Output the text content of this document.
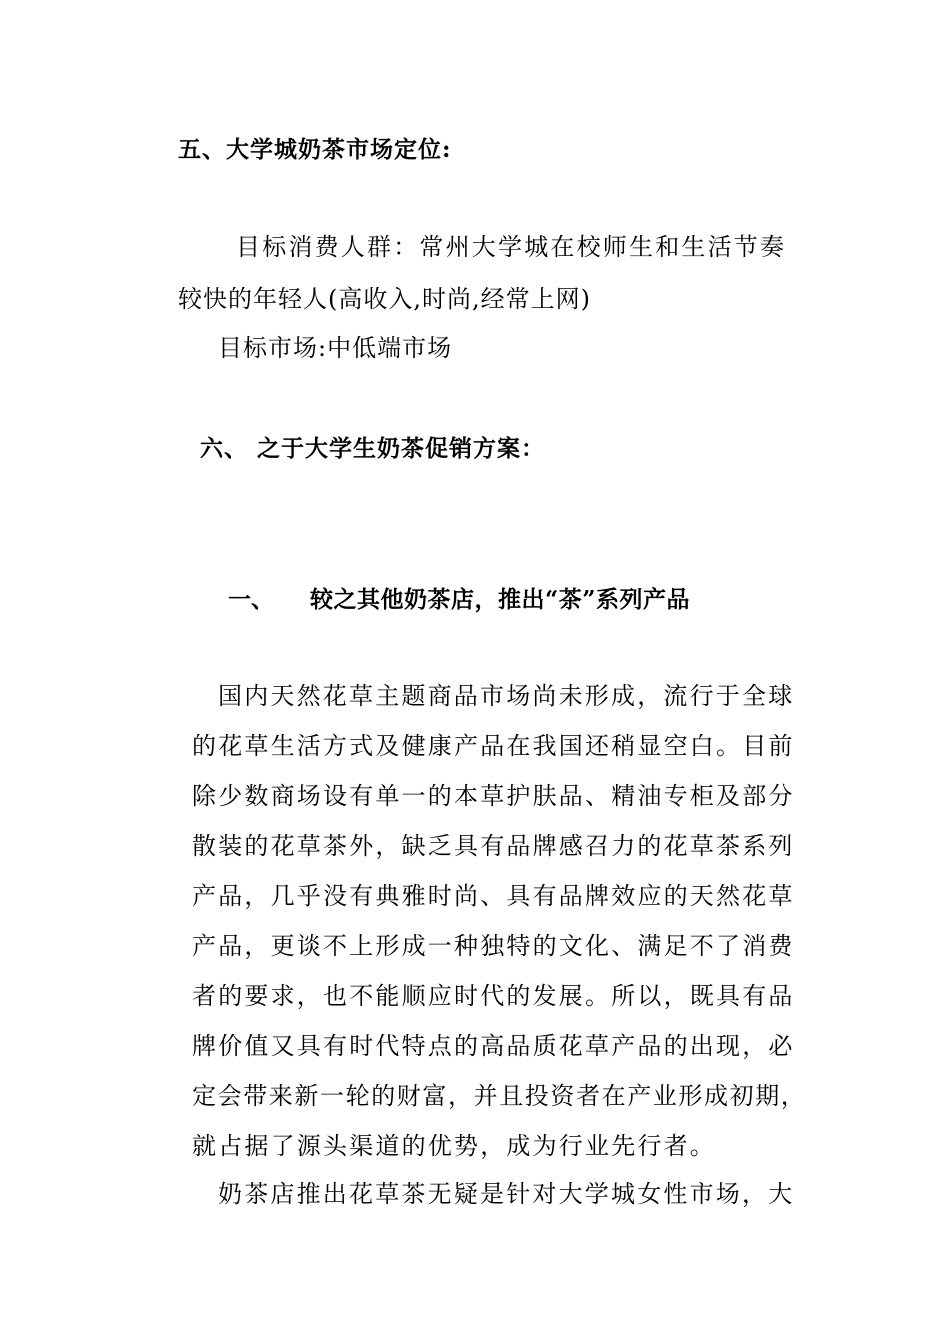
五、大学城奶茶市场定位:
目标消费人群：常州大学城在校师生和生活节奏
较快的年轻人(高收入,时尚,经常上网)
目标市场:中低端市场
六、 之于大学生奶茶促销方案：
一、 较之其他奶茶店，推出“茶”系列产品
国内天然花草主题商品市场尚未形成，流行于全球
的花草生活方式及健康产品在我国还稍显空白。目前
除少数商场设有单一的本草护肤品、精油专柜及部分
散装的花草茶外，缺乏具有品牌感召力的花草茶系列
产品，几乎没有典雅时尚、具有品牌效应的天然花草
产品，更谈不上形成一种独特的文化、满足不了消费
者的要求，也不能顺应时代的发展。所以，既具有品
牌价值又具有时代特点的高品质花草产品的出现，必
定会带来新一轮的财富，并且投资者在产业形成初期，
就占据了源头渠道的优势，成为行业先行者。
奶茶店推出花草茶无疑是针对大学城女性市场，大
